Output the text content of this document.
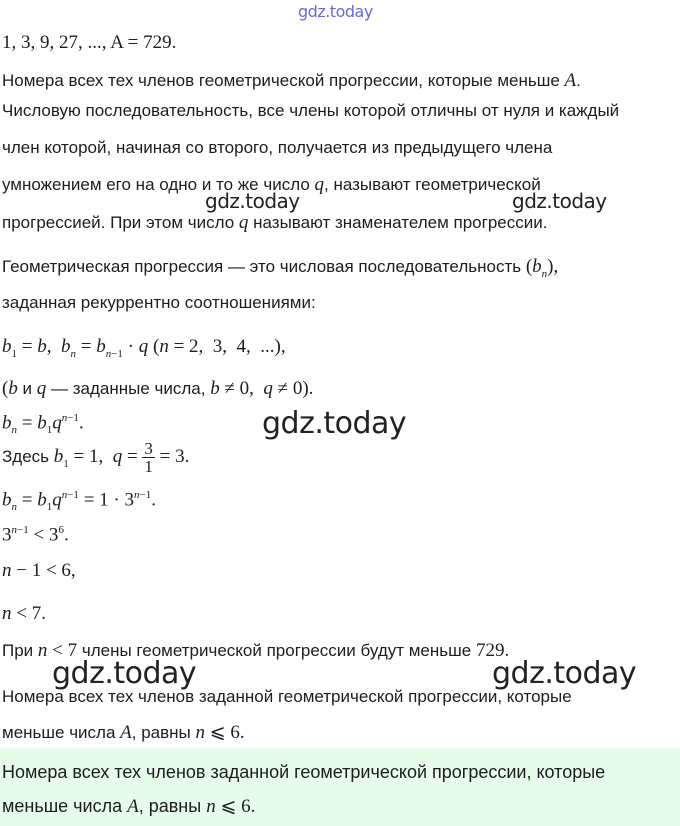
gdz.today
gdz.today	gdz.today
gdz.today
gdz.today	gdz.today
1, 3, 9, 27, ..., A = 729.
Номера всех тех членов геометрической прогрессии, которые меньше A.
Числовую последовательность, все члены которой отличны от нуля и каждый
член которой, начиная со второго, получается из предыдущего члена
умножением его на одно и то же число q, называют геометрической
прогрессией. При этом число q называют знаменателем прогрессии.
Геометрическая прогрессия — это числовая последовательность $(b_n)$,
заданная рекуррентно соотношениями:
$b_1 = b$,  $b_n = b_{n-1} \cdot q$ (n = 2,  3,  4,  ...),
(b и q — заданные числа, b ≠ 0,  q ≠ 0).
$b_n = b_1q^{n-1}$.
Здесь $b_1 = 1$,  $q = \frac{3}{1} = 3$.
$b_n = b_1q^{n-1} = 1 \cdot 3^{n-1}$.
$3^{n-1} < 3^6$.
n − 1 < 6,
n < 7.
При n < 7 члены геометрической прогрессии будут меньше 729.
Номера всех тех членов заданной геометрической прогрессии, которые
меньше числа A, равны n ⩽ 6.
Номера всех тех членов заданной геометрической прогрессии, которые
меньше числа A, равны n ⩽ 6.
